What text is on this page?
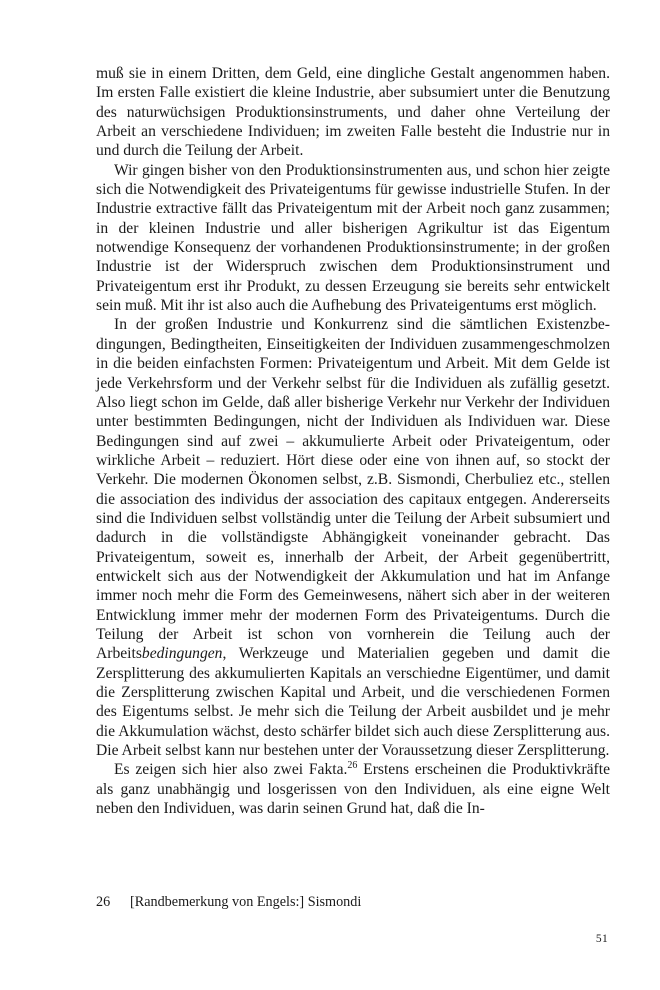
muß sie in einem Dritten, dem Geld, eine dingliche Gestalt angenommen haben. Im ersten Falle existiert die kleine Industrie, aber subsumiert unter die Benutzung des naturwüchsigen Produktionsinstruments, und daher ohne Verteilung der Arbeit an verschiedene Individuen; im zweiten Falle besteht die Industrie nur in und durch die Teilung der Arbeit.

Wir gingen bisher von den Produktionsinstrumenten aus, und schon hier zeigte sich die Notwendigkeit des Privateigentums für gewisse industrielle Stufen. In der Industrie extractive fällt das Privateigentum mit der Arbeit noch ganz zusammen; in der kleinen Industrie und aller bisherigen Agrikultur ist das Eigentum notwendige Konsequenz der vorhandenen Produktionsinstrumente; in der großen Industrie ist der Widerspruch zwischen dem Produktionsinstrument und Privateigentum erst ihr Produkt, zu dessen Erzeugung sie bereits sehr entwickelt sein muß. Mit ihr ist also auch die Aufhebung des Privateigentums erst möglich.

In der großen Industrie und Konkurrenz sind die sämtlichen Existenzbedingungen, Bedingtheiten, Einseitigkeiten der Individuen zusammengeschmolzen in die beiden einfachsten Formen: Privateigentum und Arbeit. Mit dem Gelde ist jede Verkehrsform und der Verkehr selbst für die Individuen als zufällig gesetzt. Also liegt schon im Gelde, daß aller bisherige Verkehr nur Verkehr der Individuen unter bestimmten Bedingungen, nicht der Individuen als Individuen war. Diese Bedingungen sind auf zwei – akkumulierte Arbeit oder Privateigentum, oder wirkliche Arbeit – reduziert. Hört diese oder eine von ihnen auf, so stockt der Verkehr. Die modernen Ökonomen selbst, z.B. Sismondi, Cherbuliez etc., stellen die association des individus der association des capitaux entgegen. Andererseits sind die Individuen selbst vollständig unter die Teilung der Arbeit subsumiert und dadurch in die vollständigste Abhängigkeit voneinander gebracht. Das Privateigentum, soweit es, innerhalb der Arbeit, der Arbeit gegenübertritt, entwickelt sich aus der Notwendigkeit der Akkumulation und hat im Anfange immer noch mehr die Form des Gemeinwesens, nähert sich aber in der weiteren Entwicklung immer mehr der modernen Form des Privateigentums. Durch die Teilung der Arbeit ist schon von vornherein die Teilung auch der Arbeitsbedingungen, Werkzeuge und Materialien gegeben und damit die Zersplitterung des akkumulierten Kapitals an verschiedne Eigentümer, und damit die Zersplitterung zwischen Kapital und Arbeit, und die verschiedenen Formen des Eigentums selbst. Je mehr sich die Teilung der Arbeit ausbildet und je mehr die Akkumulation wächst, desto schärfer bildet sich auch diese Zersplitterung aus. Die Arbeit selbst kann nur bestehen unter der Voraussetzung dieser Zersplitterung.

Es zeigen sich hier also zwei Fakta.$^{26}$ Erstens erscheinen die Produktivkräfte als ganz unabhängig und losgerissen von den Individuen, als eine eigne Welt neben den Individuen, was darin seinen Grund hat, daß die In-

26 [Randbemerkung von Engels:] Sismondi
51
